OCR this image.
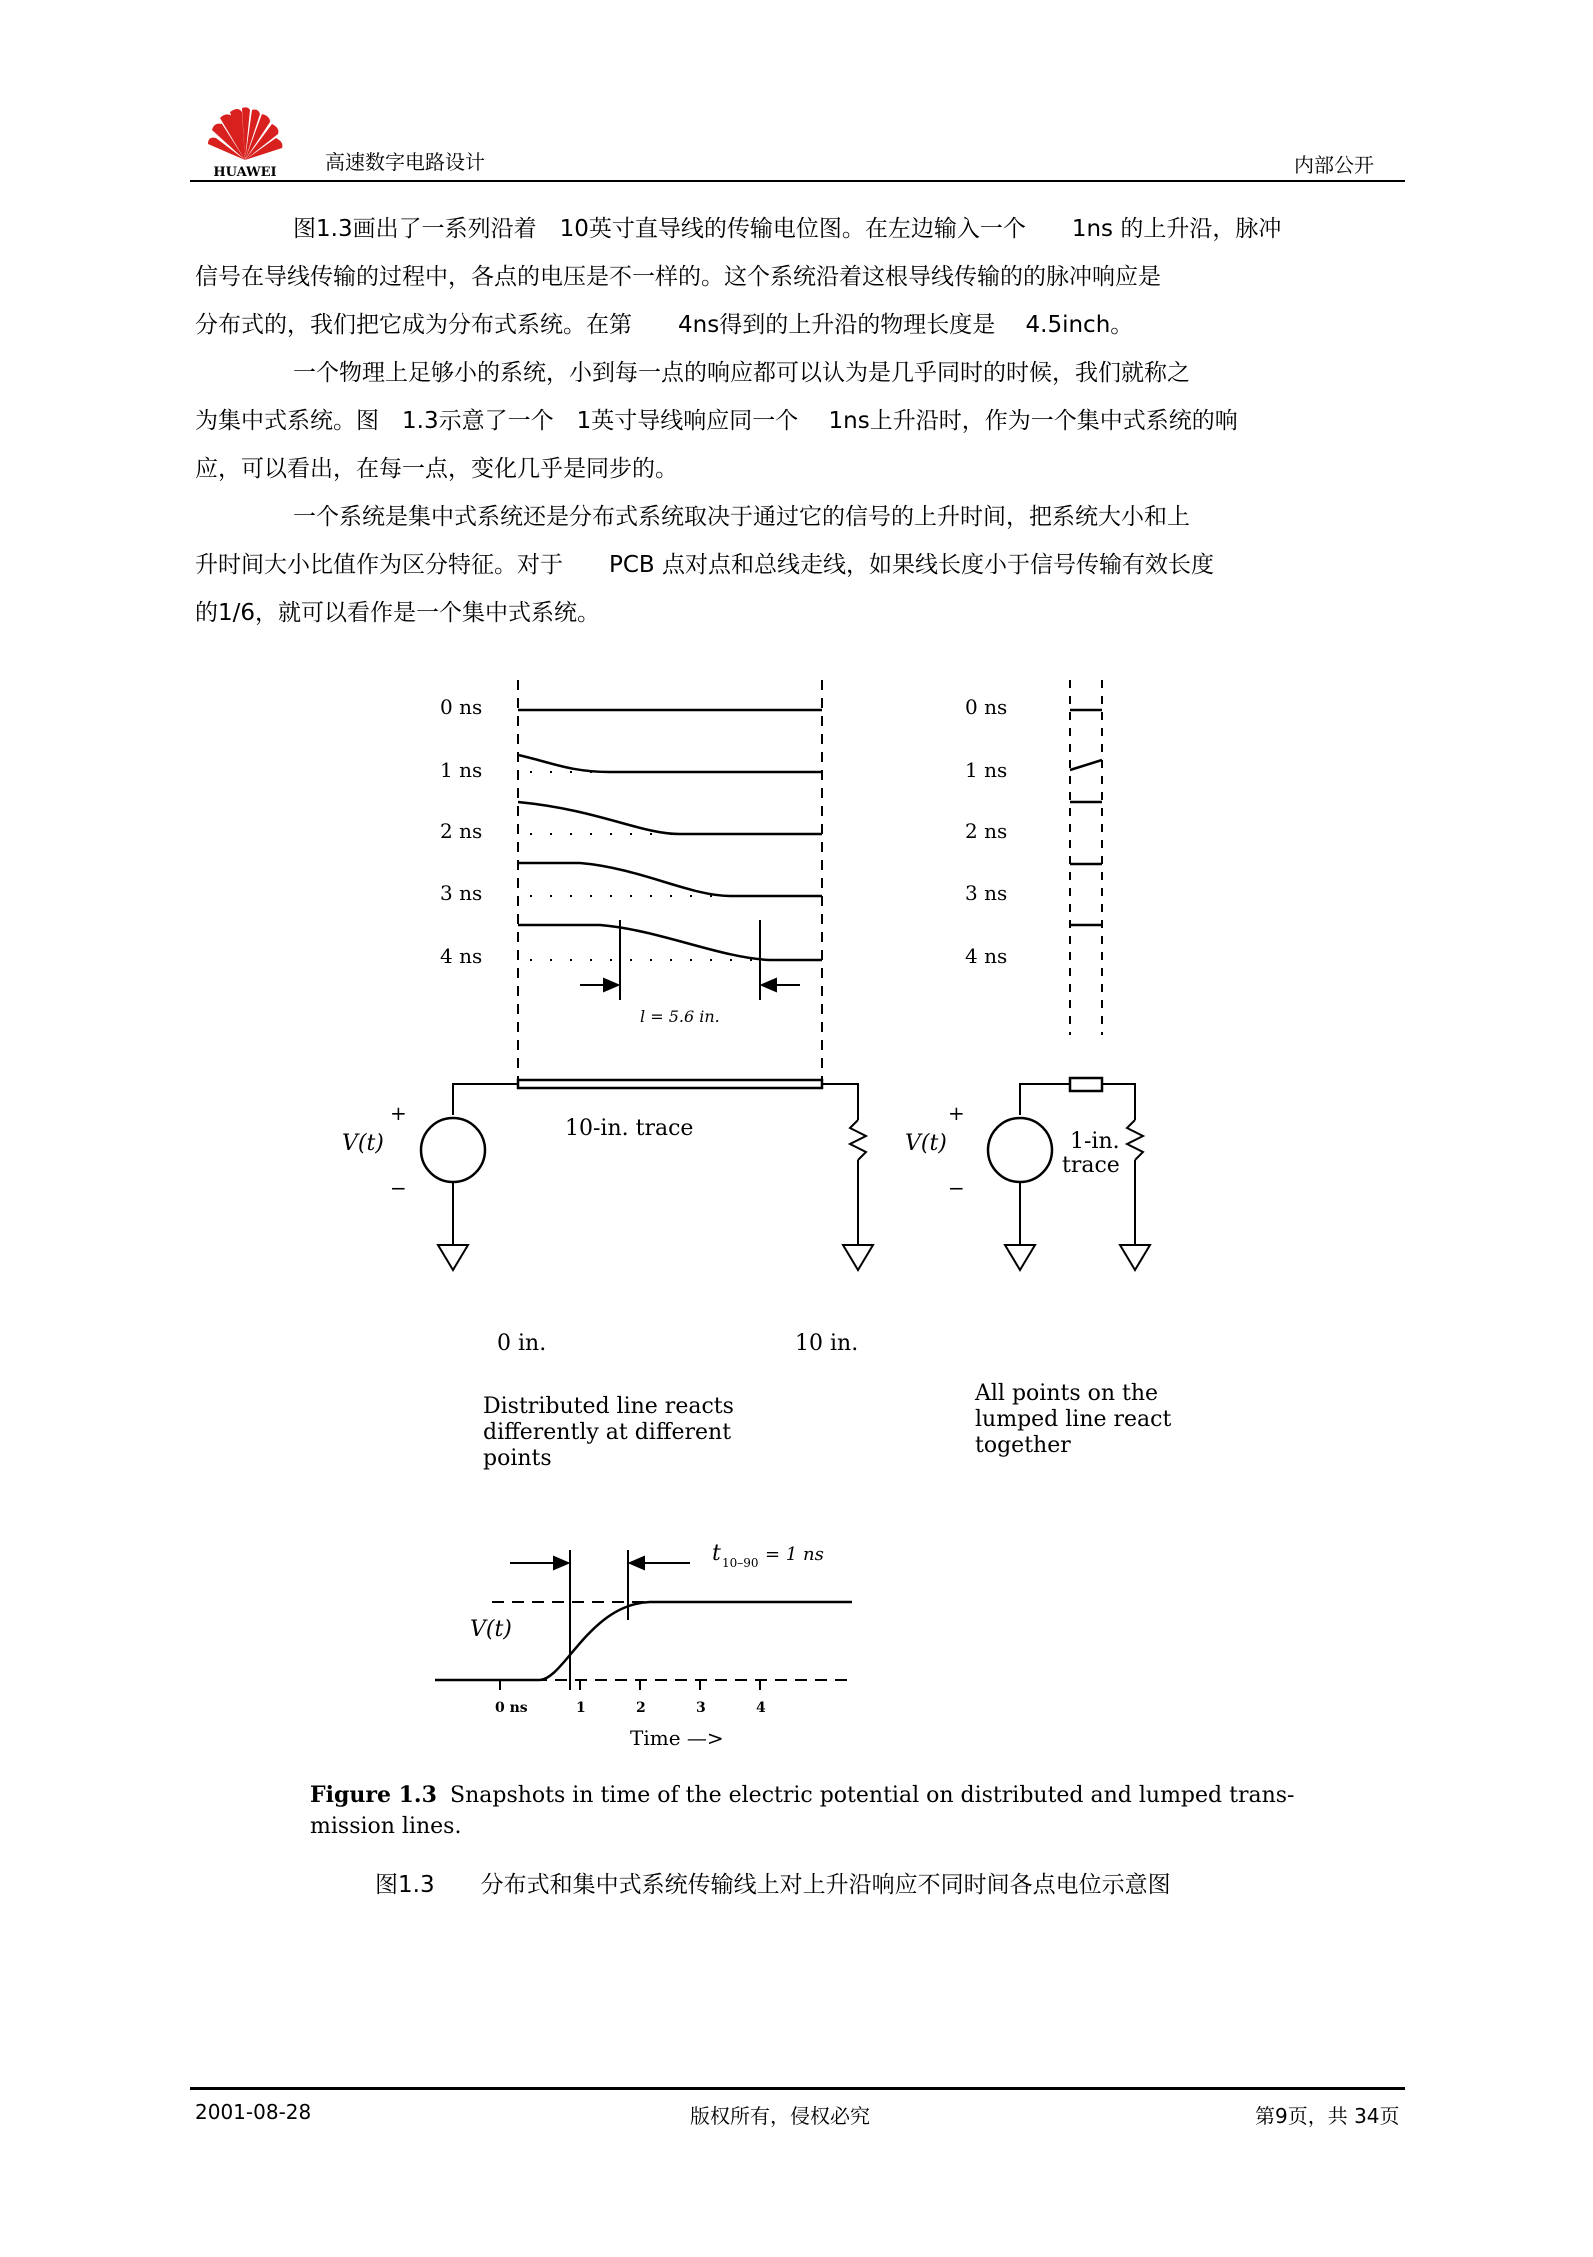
HUAWEI 高速数字电路设计	内部公开

图1.3画出了一系列沿着　10英寸直导线的传输电位图。在左边输入一个　　1ns 的上升沿，脉冲

信号在导线传输的过程中，各点的电压是不一样的。这个系统沿着这根导线传输的的脉冲响应是

分布式的，我们把它成为分布式系统。在第　　4ns得到的上升沿的物理长度是　 4.5inch。

一个物理上足够小的系统，小到每一点的响应都可以认为是几乎同时的时候，我们就称之

为集中式系统。图　1.3示意了一个　1英寸导线响应同一个　 1ns上升沿时，作为一个集中式系统的响

应，可以看出，在每一点，变化几乎是同步的。

一个系统是集中式系统还是分布式系统取决于通过它的信号的上升时间，把系统大小和上

升时间大小比值作为区分特征。对于　　PCB 点对点和总线走线，如果线长度小于信号传输有效长度

的1/6，就可以看作是一个集中式系统。

0 ns
1 ns
2 ns
3 ns
4 ns
0 ns
1 ns
2 ns
3 ns
4 ns
l = 5.6 in.
10-in. trace
V(t)
+
−
V(t)
+
−
1-in.
trace
0 in.	10 in.
Distributed line reacts
differently at different
points
All points on the
lumped line react
together
t 10–90 = 1 ns
V(t)
0 ns	1	2	3	4
Time —>
Figure 1.3 Snapshots in time of the electric potential on distributed and lumped trans-
mission lines.
图1.3　　分布式和集中式系统传输线上对上升沿响应不同时间各点电位示意图
2001-08-28	版权所有，侵权必究	第9页，共 34页
